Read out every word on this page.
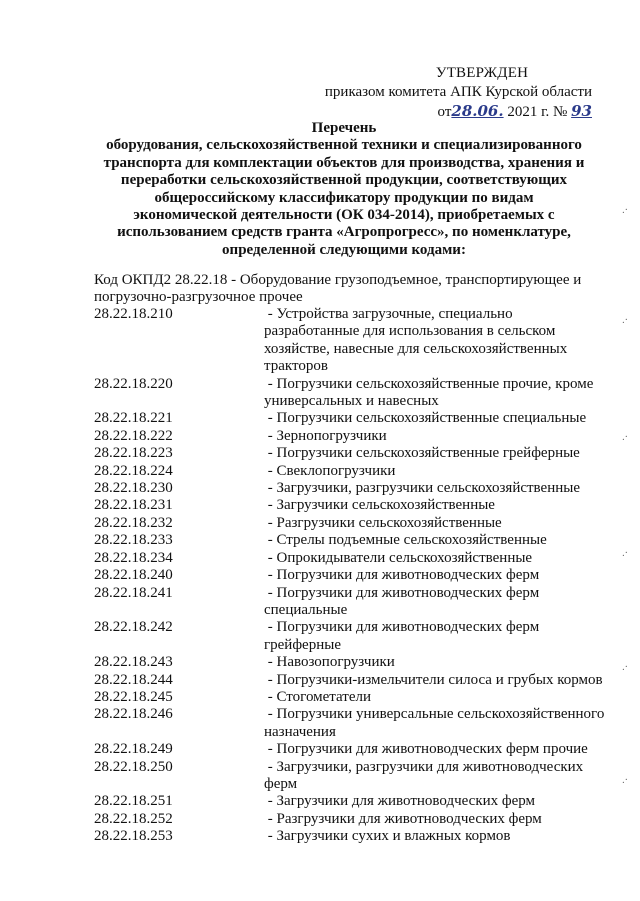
УТВЕРЖДЕН
приказом комитета АПК Курской области
от28.06. 2021 г. № 93
Перечень
оборудования, сельскохозяйственной техники и специализированного
транспорта для комплектации объектов для производства, хранения и
переработки сельскохозяйственной продукции, соответствующих
общероссийскому классификатору продукции по видам
экономической деятельности (ОК 034-2014), приобретаемых с
использованием средств гранта «Агропрогресс», по номенклатуре,
определенной следующими кодами:
Код ОКПД2 28.22.18 - Оборудование грузоподъемное, транспортирующее и
погрузочно-разгрузочное прочее
28.22.18.210	- Устройства загрузочные, специально
разработанные для использования в сельском
хозяйстве, навесные для сельскохозяйственных
тракторов
28.22.18.220	- Погрузчики сельскохозяйственные прочие, кроме
универсальных и навесных
28.22.18.221	- Погрузчики сельскохозяйственные специальные
28.22.18.222	- Зернопогрузчики
28.22.18.223	- Погрузчики сельскохозяйственные грейферные
28.22.18.224	- Свеклопогрузчики
28.22.18.230	- Загрузчики, разгрузчики сельскохозяйственные
28.22.18.231	- Загрузчики сельскохозяйственные
28.22.18.232	- Разгрузчики сельскохозяйственные
28.22.18.233	- Стрелы подъемные сельскохозяйственные
28.22.18.234	- Опрокидыватели сельскохозяйственные
28.22.18.240	- Погрузчики для животноводческих ферм
28.22.18.241	- Погрузчики для животноводческих ферм
специальные
28.22.18.242	- Погрузчики для животноводческих ферм
грейферные
28.22.18.243	- Навозопогрузчики
28.22.18.244	- Погрузчики-измельчители силоса и грубых кормов
28.22.18.245	- Стогометатели
28.22.18.246	- Погрузчики универсальные сельскохозяйственного
назначения
28.22.18.249	- Погрузчики для животноводческих ферм прочие
28.22.18.250	- Загрузчики, разгрузчики для животноводческих
ферм
28.22.18.251	- Загрузчики для животноводческих ферм
28.22.18.252	- Разгрузчики для животноводческих ферм
28.22.18.253	- Загрузчики сухих и влажных кормов
.·
.·
.·
.·
.·
.·
